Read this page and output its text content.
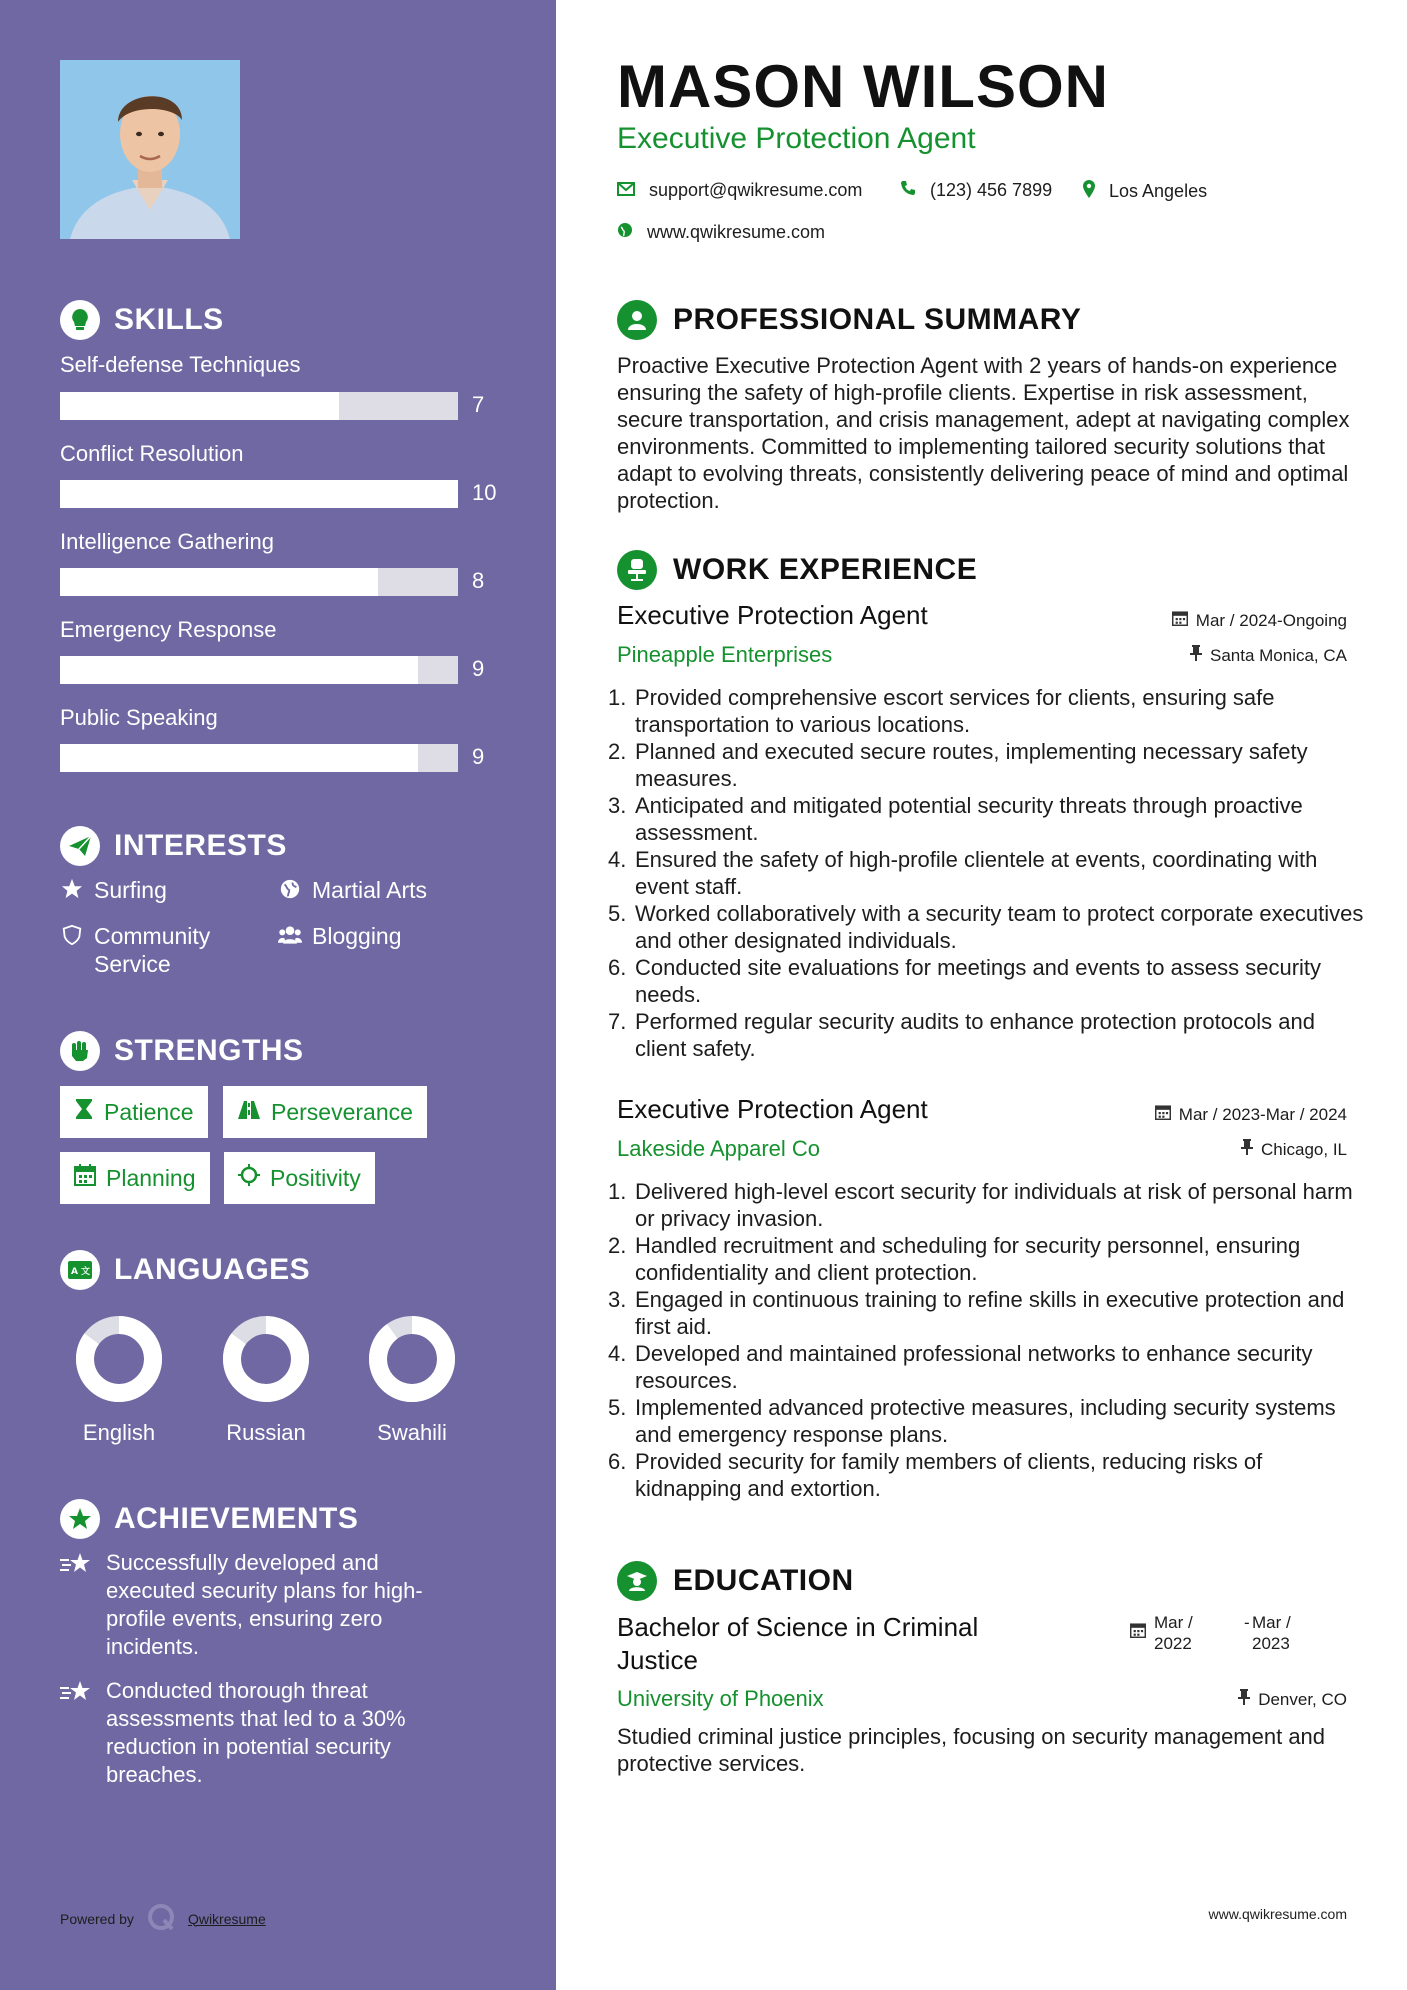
SKILLS
Self-defense Techniques
7
Conflict Resolution
10
Intelligence Gathering
8
Emergency Response
9
Public Speaking
9
INTERESTS
Surfing	Martial Arts
Community Service
Blogging
STRENGTHS
Patience	Perseverance
Planning	Positivity
A 文 LANGUAGES
English	Russian	Swahili
ACHIEVEMENTS
Successfully developed and executed security plans for high-profile events, ensuring zero incidents.
Conducted thorough threat assessments that led to a 30% reduction in potential security breaches.
Powered by	Qwikresume
MASON WILSON
Executive Protection Agent
support@qwikresume.com	(123) 456 7899	Los Angeles
www.qwikresume.com
PROFESSIONAL SUMMARY
Proactive Executive Protection Agent with 2 years of hands-on experience ensuring the safety of high-profile clients. Expertise in risk assessment, secure transportation, and crisis management, adept at navigating complex environments. Committed to implementing tailored security solutions that adapt to evolving threats, consistently delivering peace of mind and optimal protection.
WORK EXPERIENCE
Executive Protection Agent	Mar / 2024-Ongoing
Pineapple Enterprises	Santa Monica, CA
1. Provided comprehensive escort services for clients, ensuring safe transportation to various locations.
2. Planned and executed secure routes, implementing necessary safety measures.
3. Anticipated and mitigated potential security threats through proactive assessment.
4. Ensured the safety of high-profile clientele at events, coordinating with event staff.
5. Worked collaboratively with a security team to protect corporate executives and other designated individuals.
6. Conducted site evaluations for meetings and events to assess security needs.
7. Performed regular security audits to enhance protection protocols and client safety.
Executive Protection Agent	Mar / 2023-Mar / 2024
Lakeside Apparel Co	Chicago, IL
1. Delivered high-level escort security for individuals at risk of personal harm or privacy invasion.
2. Handled recruitment and scheduling for security personnel, ensuring confidentiality and client protection.
3. Engaged in continuous training to refine skills in executive protection and first aid.
4. Developed and maintained professional networks to enhance security resources.
5. Implemented advanced protective measures, including security systems and emergency response plans.
6. Provided security for family members of clients, reducing risks of kidnapping and extortion.
EDUCATION
Bachelor of Science in Criminal Justice
Mar / 2022
- Mar / 2023
University of Phoenix	Denver, CO
Studied criminal justice principles, focusing on security management and protective services.
www.qwikresume.com
